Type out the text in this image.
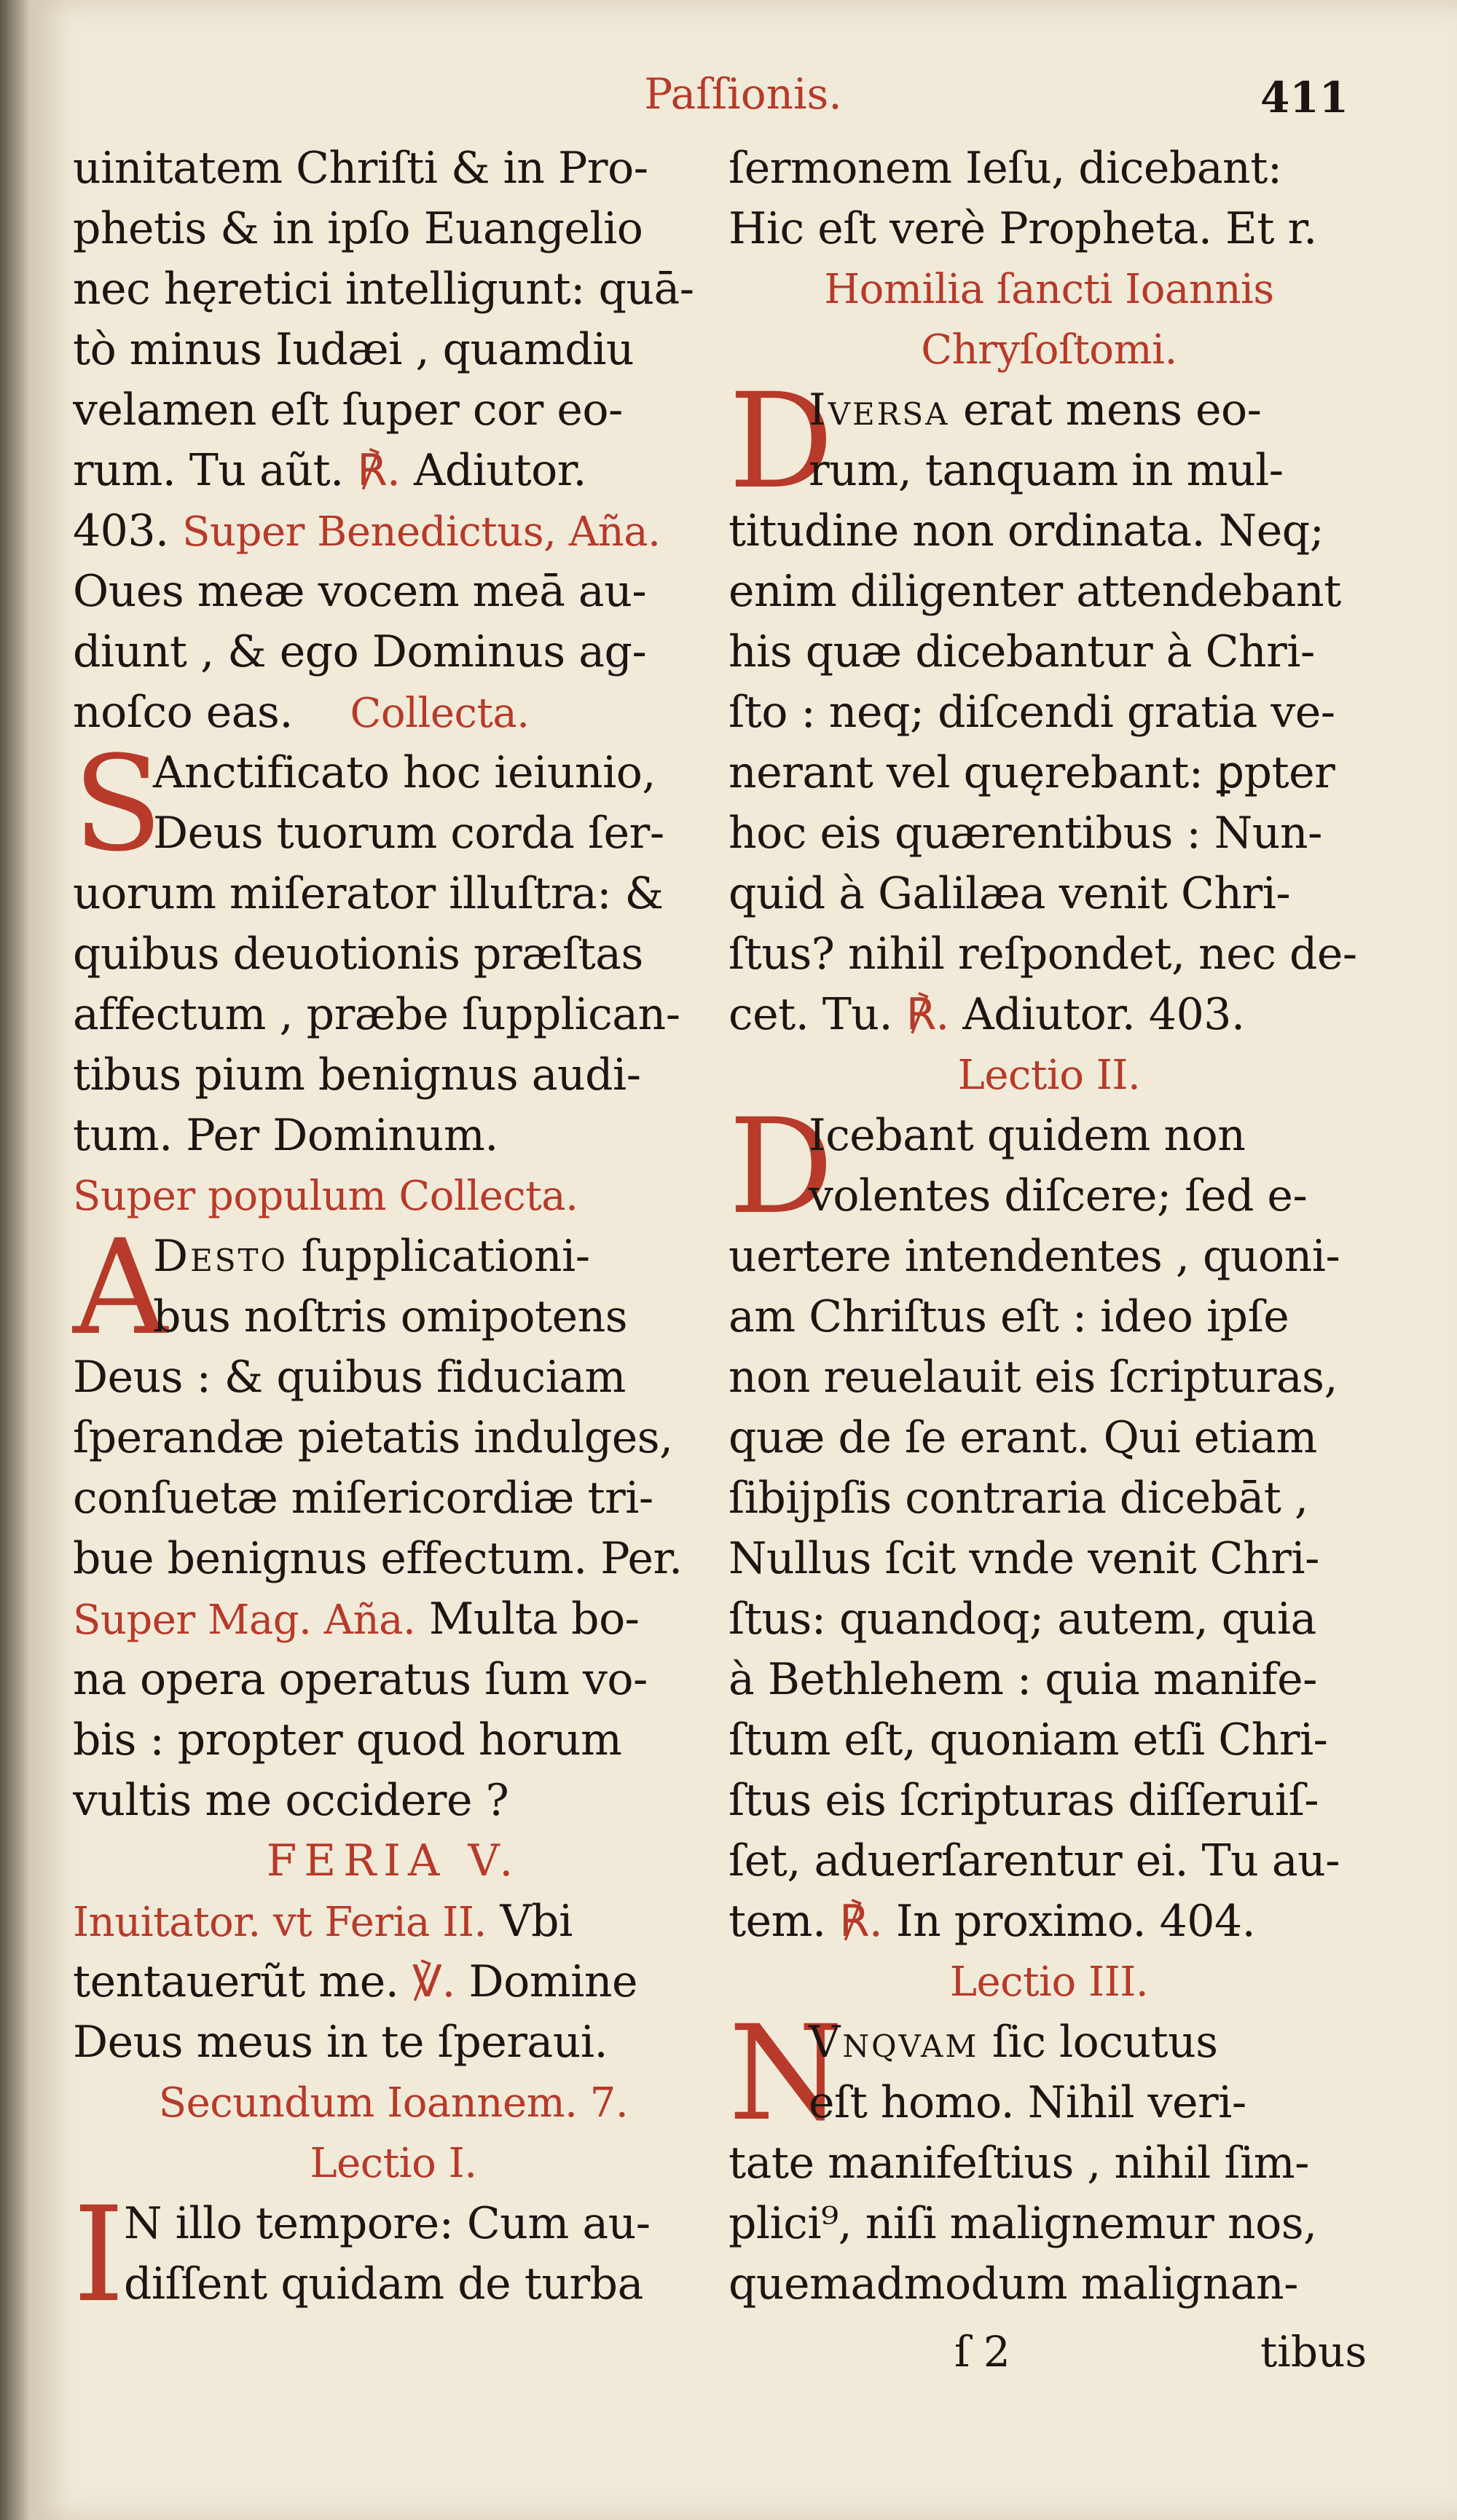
Paſſionis.	411
uinitatem Chriſti & in Pro-
phetis & in ipſo Euangelio
nec hęretici intelligunt: quā-
tò minus Iudæi , quamdiu
velamen eſt ſuper cor eo-
rum. Tu aũt. ℟. Adiutor.
403. Super Benedictus, Aña.
Oues meæ vocem meā au-
diunt , & ego Dominus ag-
noſco eas. Collecta.
S
Anctificato hoc ieiunio,
Deus tuorum corda ſer-
uorum miſerator illuſtra: &
quibus deuotionis præſtas
affectum , præbe ſupplican-
tibus pium benignus audi-
tum. Per Dominum.
Super populum Collecta.
A
Desto ſupplicationi-
bus noſtris omipotens
Deus : & quibus fiduciam
ſperandæ pietatis indulges,
conſuetæ miſericordiæ tri-
bue benignus effectum. Per.
Super Mag. Aña. Multa bo-
na opera operatus ſum vo-
bis : propter quod horum
vultis me occidere ?
FERIA V.
Inuitator. vt Feria II. Vbi
tentauerũt me. ℣. Domine
Deus meus in te ſperaui.
Secundum Ioannem. 7.
Lectio I.
I
N illo tempore: Cum au-
diſſent quidam de turba
ſermonem Ieſu, dicebant:
Hic eſt verè Propheta. Et r.
Homilia ſancti Ioannis
Chryſoſtomi.
D
Iversa erat mens eo-
rum, tanquam in mul-
titudine non ordinata. Neq;
enim diligenter attendebant
his quæ dicebantur à Chri-
ſto : neq; diſcendi gratia ve-
nerant vel quęrebant: ꝑpter
hoc eis quærentibus : Nun-
quid à Galilæa venit Chri-
ſtus? nihil reſpondet, nec de-
cet. Tu. ℟. Adiutor. 403.
Lectio II.
D
Icebant quidem non
volentes diſcere; ſed e-
uertere intendentes , quoni-
am Chriſtus eſt : ideo ipſe
non reuelauit eis ſcripturas,
quæ de ſe erant. Qui etiam
ſibijpſis contraria dicebāt ,
Nullus ſcit vnde venit Chri-
ſtus: quandoq; autem, quia
à Bethlehem : quia manife-
ſtum eſt, quoniam etſi Chri-
ſtus eis ſcripturas diſſeruiſ-
ſet, aduerſarentur ei. Tu au-
tem. ℟. In proximo. 404.
Lectio III.
N
Vnqvam ſic locutus
eſt homo. Nihil veri-
tate manifeſtius , nihil ſim-
plici⁹, niſi malignemur nos,
quemadmodum malignan-
ſ 2	tibus
